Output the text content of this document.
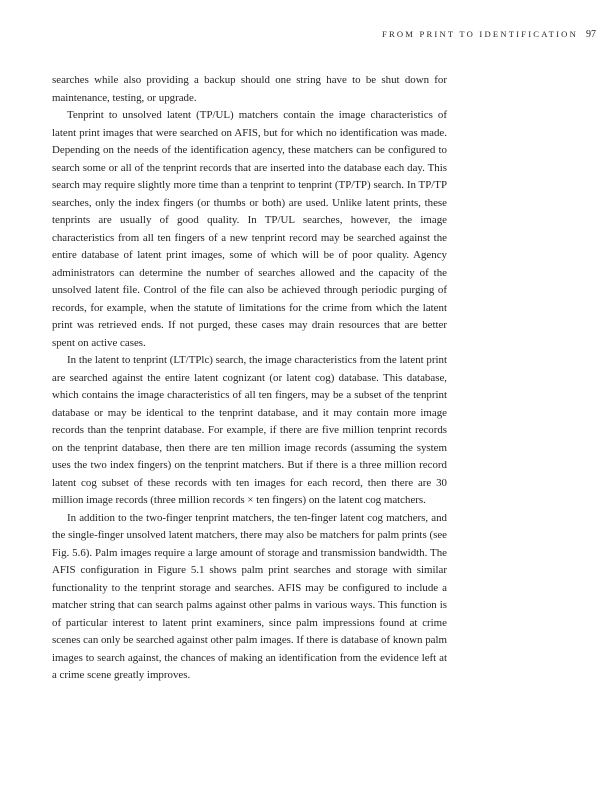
FROM PRINT TO IDENTIFICATION 97

searches while also providing a backup should one string have to be shut down for maintenance, testing, or upgrade.

Tenprint to unsolved latent (TP/UL) matchers contain the image characteristics of latent print images that were searched on AFIS, but for which no identification was made. Depending on the needs of the identification agency, these matchers can be configured to search some or all of the tenprint records that are inserted into the database each day. This search may require slightly more time than a tenprint to tenprint (TP/TP) search. In TP/TP searches, only the index fingers (or thumbs or both) are used. Unlike latent prints, these tenprints are usually of good quality. In TP/UL searches, however, the image characteristics from all ten fingers of a new tenprint record may be searched against the entire database of latent print images, some of which will be of poor quality. Agency administrators can determine the number of searches allowed and the capacity of the unsolved latent file. Control of the file can also be achieved through periodic purging of records, for example, when the statute of limitations for the crime from which the latent print was retrieved ends. If not purged, these cases may drain resources that are better spent on active cases.

In the latent to tenprint (LT/TPlc) search, the image characteristics from the latent print are searched against the entire latent cognizant (or latent cog) database. This database, which contains the image characteristics of all ten fingers, may be a subset of the tenprint database or may be identical to the tenprint database, and it may contain more image records than the tenprint database. For example, if there are five million tenprint records on the tenprint database, then there are ten million image records (assuming the system uses the two index fingers) on the tenprint matchers. But if there is a three million record latent cog subset of these records with ten images for each record, then there are 30 million image records (three million records × ten fingers) on the latent cog matchers.

In addition to the two-finger tenprint matchers, the ten-finger latent cog matchers, and the single-finger unsolved latent matchers, there may also be matchers for palm prints (see Fig. 5.6). Palm images require a large amount of storage and transmission bandwidth. The AFIS configuration in Figure 5.1 shows palm print searches and storage with similar functionality to the tenprint storage and searches. AFIS may be configured to include a matcher string that can search palms against other palms in various ways. This function is of particular interest to latent print examiners, since palm impressions found at crime scenes can only be searched against other palm images. If there is database of known palm images to search against, the chances of making an identification from the evidence left at a crime scene greatly improves.
